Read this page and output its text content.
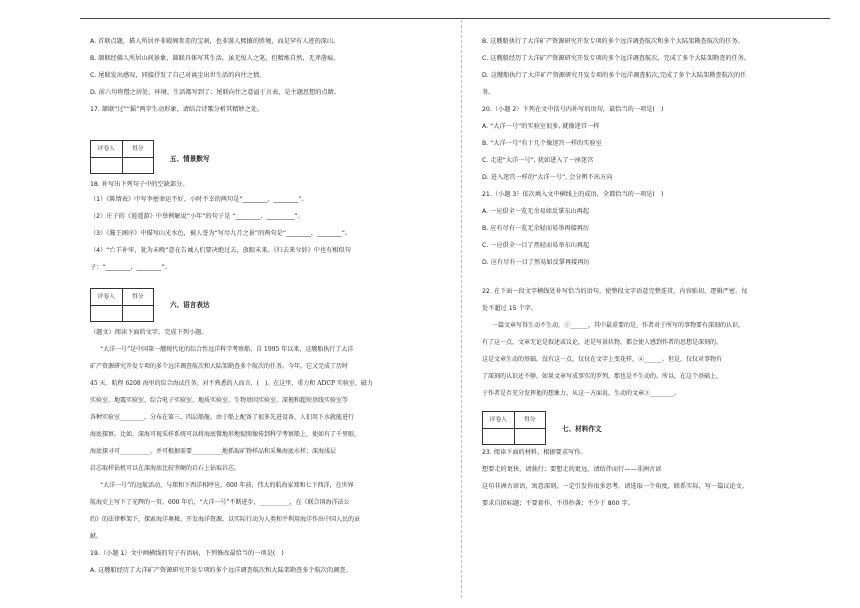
A. 首联点题，描人所居并非殿阁参差的宝刹，也非游人熙攘的胜境，而是罕有人迹的深山。
B. 颔联经佛人所居山间景象，圆联具体写其生活，虽无惊人之笔，但精炼自然，无斧凿痕。
C. 尾联发出感叹，同接抒发了自己对离尘出世生活的向往之情。
D. 前六句将僧之居处、环境、生活都写到了；尾联向往之意溢于言表，是主题思想的点睛。
17. 颔联“过”“摇”两字生动形象，请结合诗歌分析其精妙之处。
评卷人	得分
五、情景默写
18. 补写出下列句子中的空缺部分。
（1）《陈情表》中写李密命运不好、小时不幸的两句是“________，________”。
（2）庄子的《逍遥游》中举例解说“小年”的句子是 “________，_________”。
（3）《滕王阁序》中描写山光水色，被人誉为“写尽九月之景”的两句是“________，________”。
（4）“亡羊补牢，犹为未晚”意在告诫人们要决绝过去，放眼未来。《归去来兮辞》中也有相似句
子：“________，________”。
评卷人	得分
六、语言表达
（题文）阅读下面的文字，完成下列小题。
“大洋一号”是中国第一艘现代化的综合性远洋科学考察船，自 1995 年以来，这艘船执行了大洋
矿产资源研究开发专项的多个远洋调查航次和大陆架勘查多个航次的任务。今年，它又完成了历时
45 天、航程 6208 海里的综合海试任务。对不熟悉的人而言，(　)。在这里，重力和 ADCP 实验室、磁力
实验室、地震实验室、综合电子实验室、地质实验室、生物基因实验室、深拖和超短基线实验室等
各种实验室________，分布在第三、四层船舱。由于船上配备了很多先进设备，人们用下水就能进行
海底探察。比如，深海可视采样系统可以将海底微地形地貌图像传到科学考察船上，使如有了千里眼、
海底探寻可__________，并可根据需要__________地抓取矿物样品和采集海底水样；深海浅层
岩芯取样钻机可以在深海底比较坚硬的岩石上钻取岩芯。
“大洋一号”的远航活动，与郑和下西洋相呼应。600 年前，伟大的航海家郑和七下西洋，在世界
航海史上写下了光辉的一页。600 年后，“大洋一号”不断进步，__________，在《联合国海洋法公
约》的法律框架下，探索海洋奥秘，开发海洋资源，以实际行动为人类和平利用海洋作出中国人民的贡
献。
19.（小题 1）文中画横线的句子有语病，下列修改最恰当的一项是(　)
A. 这艘船经历了大洋矿产资源研究开发专项的多个远洋调查航次和大陆架勘查多个航次的调查。
B. 这艘船执行了大洋矿产资源研究开发专项的多个远洋调查航次和多个大陆架勘查航次的任务。
C. 这艘船经历了大洋矿产资源研究开发专项的多个远洋调查航次，完成了多个大陆架勘查的任务。
D. 这艘船执行了大洋矿产资源研究开发专项的多个远洋调查航次,完成了多个大陆架勘查航次的任
务。
20.（小题 2）下列在文中括号内补写的语句，最恰当的一项是(　)
A. “大洋一号”的实验室很多, 就像迷宫一样
B. “大洋一号”有十几个像迷宫一样的实验室
C. 走进“大洋一号”, 犹如进入了一座迷宫
D. 进入迷宫一样的“大洋一号”, 会分辨不出方向
21.（小题 3）依次填入文中横线上的成语，全都恰当的一项是(　)
A. 一应俱全一览无余易如反掌东山再起
B. 应有尽有一览无余轻而易举再接再厉
C. 一应俱全一目了然轻而易举东山再起
D. 应有尽有一目了然易如反掌再接再厉
22. 在下面一段文字横线处补写恰当的语句，使整段文字语意完整连贯，内容贴切，逻辑严密。每
处不超过 15 个字。
一篇文章写得生动不生动，①______，其中最重要的是，作者对于所写的事物要有深刻的认识。
有了这一点，文章无论是叙述或议论，还是写景状物，都会使人感到作者的思想是深刻的。
这是文章生动的基础。没有这一点，仅仅在文字上变花样，②______。但是，仅仅对事物有
了深刻的认识还不够，如果文章写成事实的罗列，那也是不生动的。所以，在这个基础上，
于作者是否充分发挥他的想象力。从这一方面说，生动的文章③________。
评卷人	得分
七、材料作文
23. 阅读下面的材料，根据要求写作。
想要走的更快，请独行；要想走的更远，请结伴而行——非洲古谚
这句非洲古谚语，寓意深刻，一定引发你很多思考。请选取一个角度，联系实际，写一篇议论文。
要求自拟标题；不要套作，不得抄袭；不少于 800 字。
